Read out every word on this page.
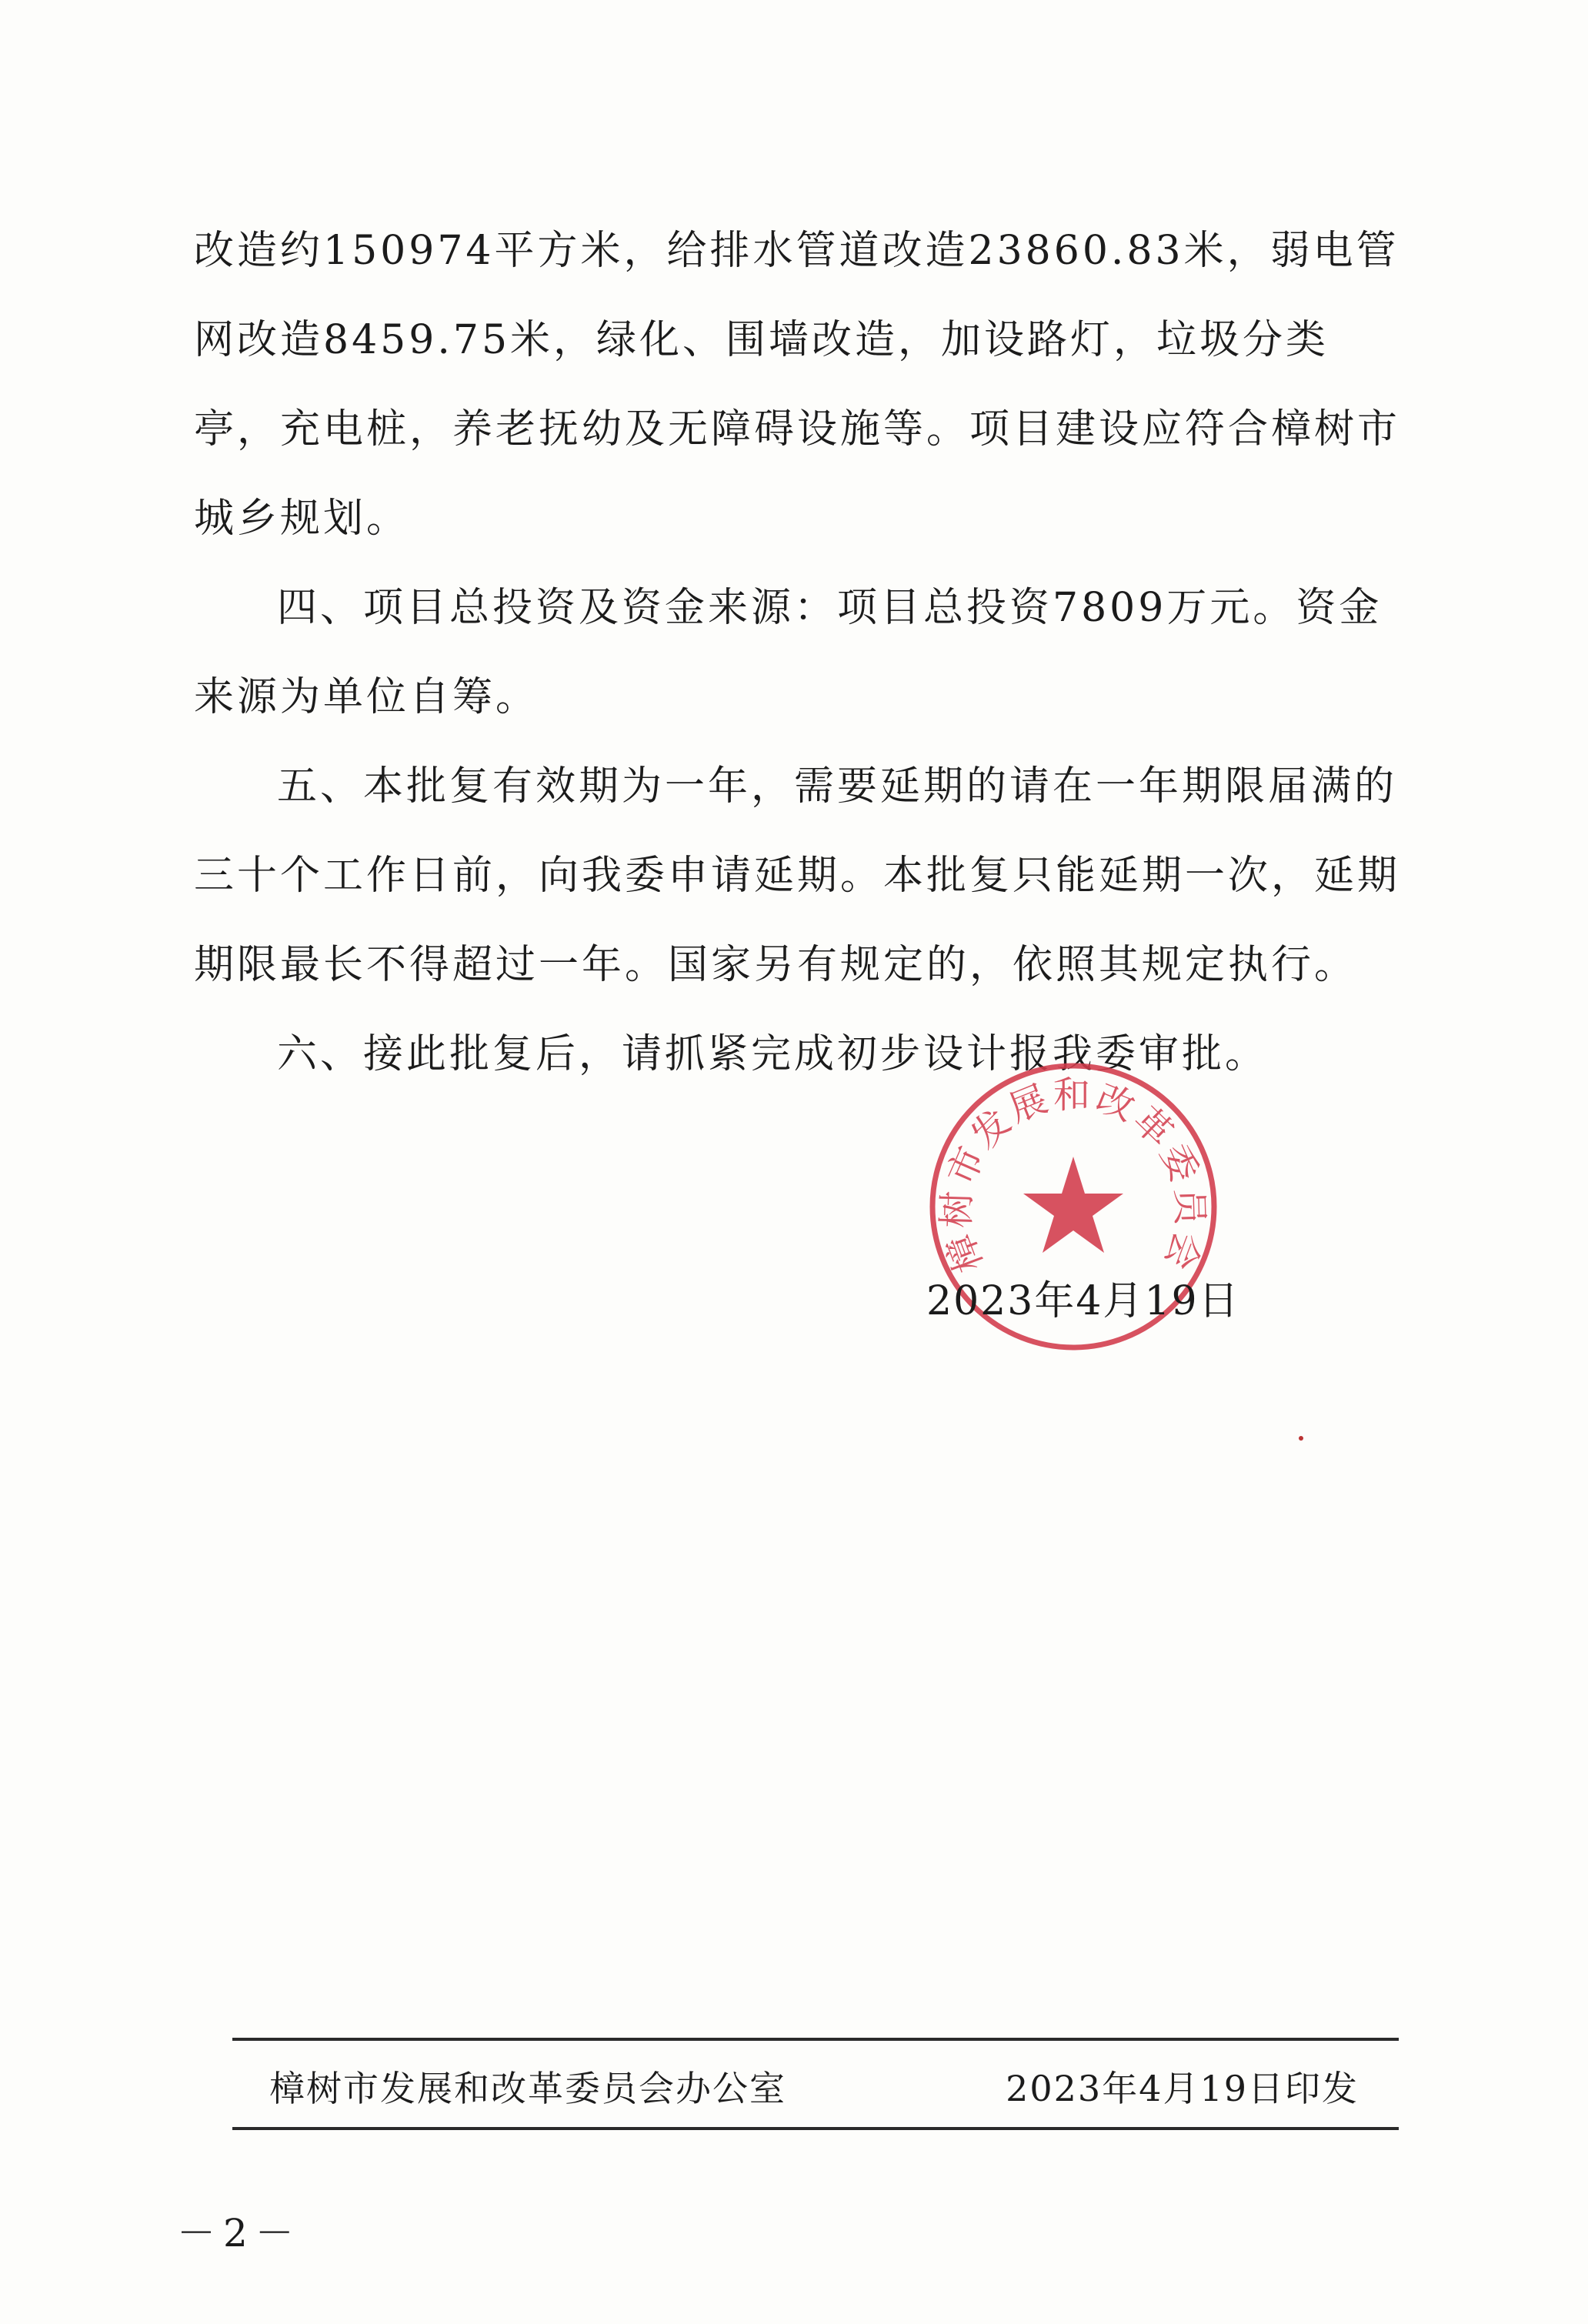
改造约150974平方米，给排水管道改造23860.83米，弱电管网改造8459.75米，绿化、围墙改造，加设路灯，垃圾分类亭，充电桩，养老抚幼及无障碍设施等。项目建设应符合樟树市城乡规划。

四、项目总投资及资金来源：项目总投资7809万元。资金来源为单位自筹。

五、本批复有效期为一年，需要延期的请在一年期限届满的三十个工作日前，向我委申请延期。本批复只能延期一次，延期期限最长不得超过一年。国家另有规定的，依照其规定执行。

六、接此批复后，请抓紧完成初步设计报我委审批。

樟树市发展和改革委员会
2023年4月19日
樟树市发展和改革委员会办公室	2023年4月19日印发
－2－
